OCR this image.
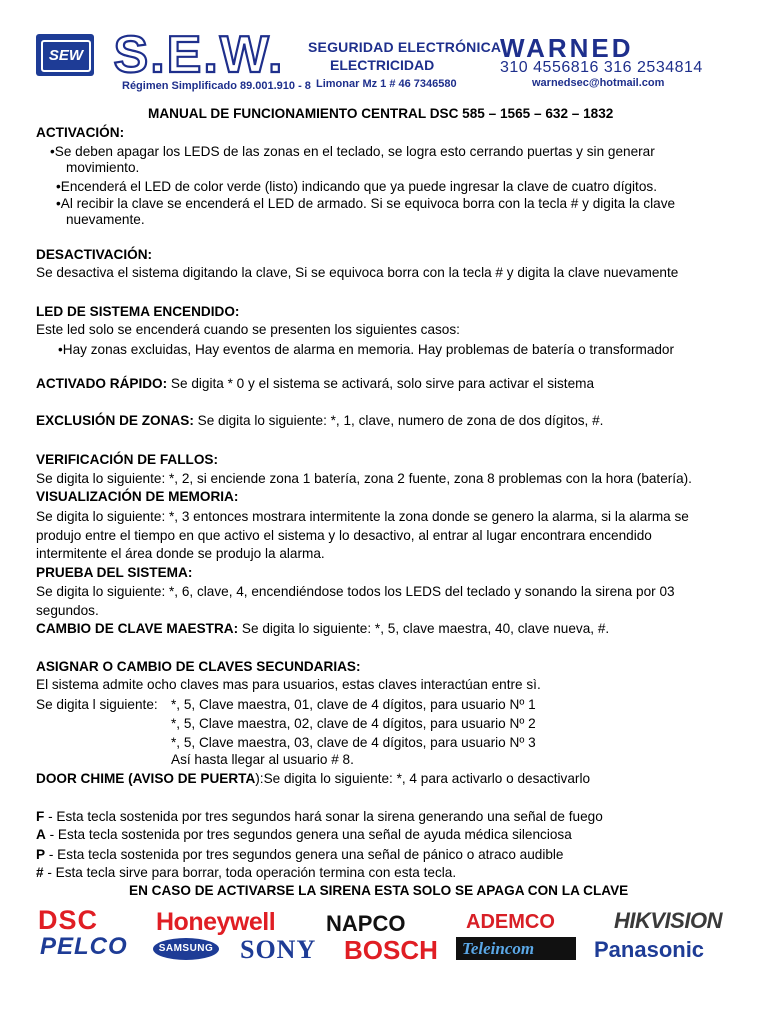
SEW S.E.W. SEGURIDAD ELECTRÓNICA
ELECTRICIDAD
Régimen Simplificado 89.001.910 - 8 Limonar Mz 1 # 46 7346580
WARNED
310 4556816 316 2534814
warnedsec@hotmail.com
MANUAL DE FUNCIONAMIENTO CENTRAL DSC 585 – 1565 – 632 – 1832
ACTIVACIÓN:
•Se deben apagar los LEDS de las zonas en el teclado, se logra esto cerrando puertas y sin generar
movimiento.
•Encenderá el LED de color verde (listo) indicando que ya puede ingresar la clave de cuatro dígitos.
•Al recibir la clave se encenderá el LED de armado. Si se equivoca borra con la tecla # y digita la clave
nuevamente.
DESACTIVACIÓN:
Se desactiva el sistema digitando la clave, Si se equivoca borra con la tecla # y digita la clave nuevamente
LED DE SISTEMA ENCENDIDO:
Este led solo se encenderá cuando se presenten los siguientes casos:
•Hay zonas excluidas, Hay eventos de alarma en memoria. Hay problemas de batería o transformador
ACTIVADO RÁPIDO: Se digita * 0 y el sistema se activará, solo sirve para activar el sistema
EXCLUSIÓN DE ZONAS: Se digita lo siguiente: *, 1, clave, numero de zona de dos dígitos, #.
VERIFICACIÓN DE FALLOS:
Se digita lo siguiente: *, 2, si enciende zona 1 batería, zona 2 fuente, zona 8 problemas con la hora (batería).
VISUALIZACIÓN DE MEMORIA:
Se digita lo siguiente: *, 3 entonces mostrara intermitente la zona donde se genero la alarma, si la alarma se
produjo entre el tiempo en que activo el sistema y lo desactivo, al entrar al lugar encontrara encendido
intermitente el área donde se produjo la alarma.
PRUEBA DEL SISTEMA:
Se digita lo siguiente: *, 6, clave, 4, encendiéndose todos los LEDS del teclado y sonando la sirena por 03
segundos.
CAMBIO DE CLAVE MAESTRA: Se digita lo siguiente: *, 5, clave maestra, 40, clave nueva, #.
ASIGNAR O CAMBIO DE CLAVES SECUNDARIAS:
El sistema admite ocho claves mas para usuarios, estas claves interactúan entre sì.
Se digita l siguiente: *, 5, Clave maestra, 01, clave de 4 dígitos, para usuario Nº 1
*, 5, Clave maestra, 02, clave de 4 dígitos, para usuario Nº 2
*, 5, Clave maestra, 03, clave de 4 dígitos, para usuario Nº 3
Así hasta llegar al usuario # 8.
DOOR CHIME (AVISO DE PUERTA):Se digita lo siguiente: *, 4 para activarlo o desactivarlo
F - Esta tecla sostenida por tres segundos hará sonar la sirena generando una señal de fuego
A - Esta tecla sostenida por tres segundos genera una señal de ayuda médica silenciosa
P - Esta tecla sostenida por tres segundos genera una señal de pánico o atraco audible
# - Esta tecla sirve para borrar, toda operación termina con esta tecla.
EN CASO DE ACTIVARSE LA SIRENA ESTA SOLO SE APAGA CON LA CLAVE
DSC
PELCO
Honeywell
SAMSUNG
NAPCO
SONY BOSCH
ADEMCO
Teleincom
HIKVISION
Panasonic
